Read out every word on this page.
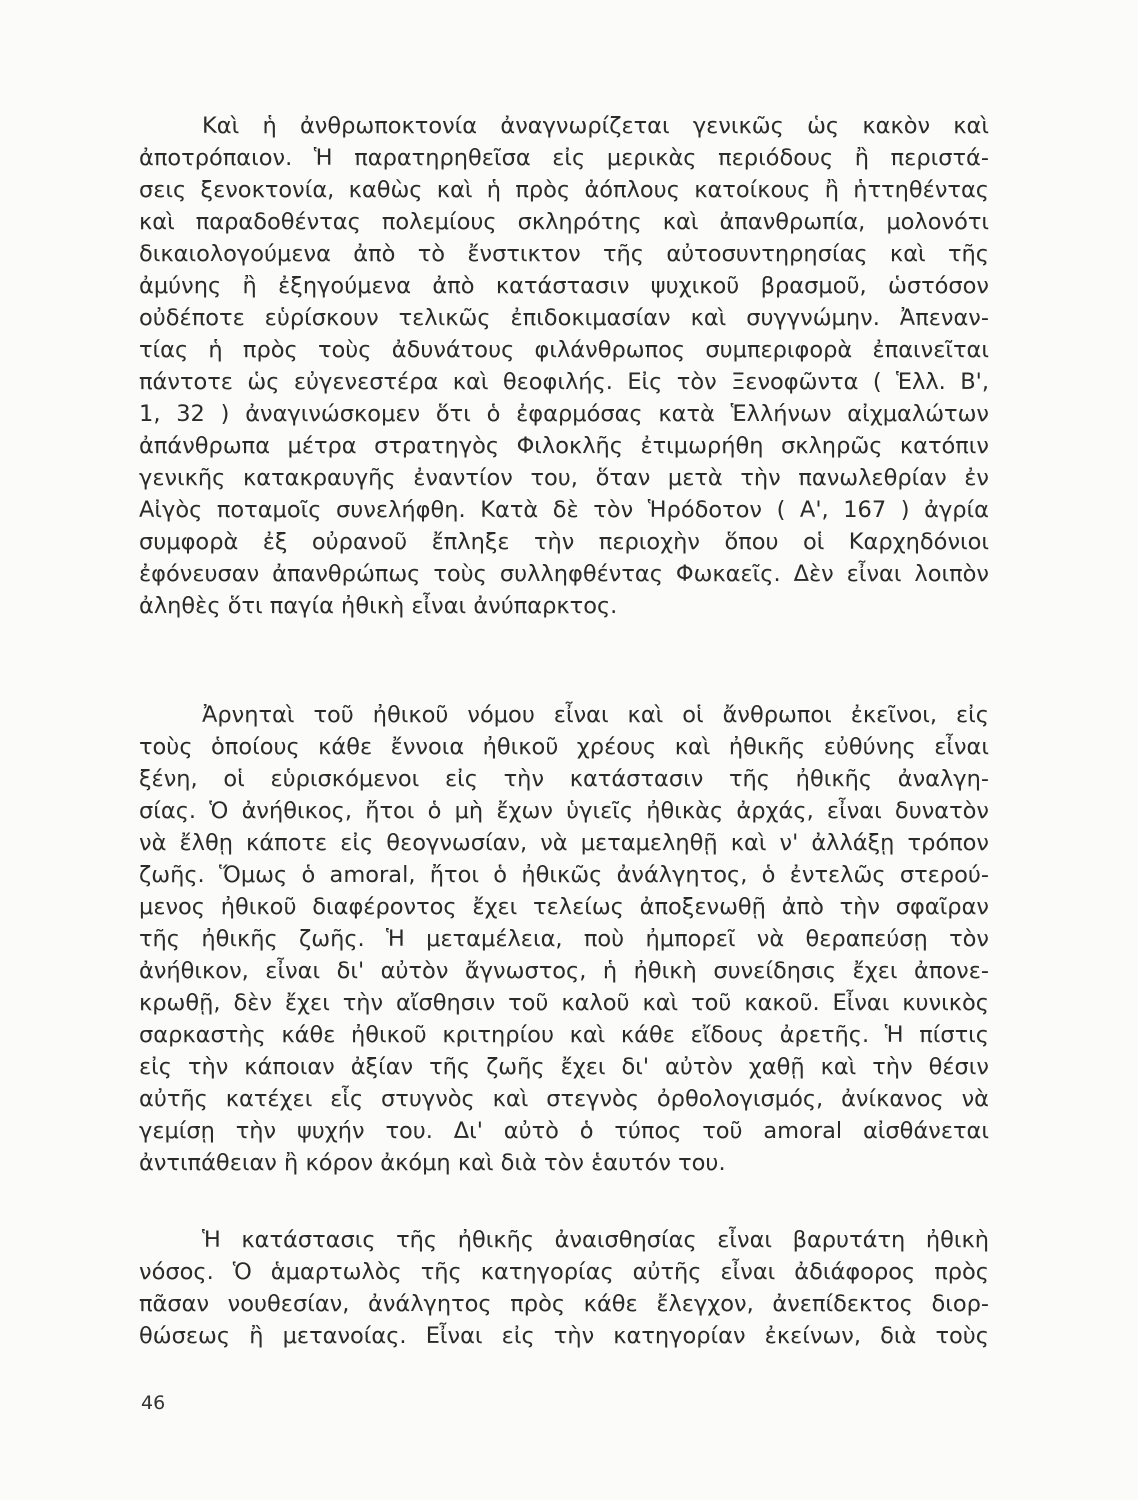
Καὶ ἡ ἀνθρωποκτονία ἀναγνωρίζεται γενικῶς ὡς κακὸν καὶ
ἀποτρόπαιον. Ἡ παρατηρηθεῖσα εἰς μερικὰς περιόδους ἢ περιστά-
σεις ξενοκτονία, καθὼς καὶ ἡ πρὸς ἀόπλους κατοίκους ἢ ἡττηθέντας
καὶ παραδοθέντας πολεμίους σκληρότης καὶ ἀπανθρωπία, μολονότι
δικαιολογούμενα ἀπὸ τὸ ἔνστικτον τῆς αὐτοσυντηρησίας καὶ τῆς
ἀμύνης ἢ ἐξηγούμενα ἀπὸ κατάστασιν ψυχικοῦ βρασμοῦ, ὡστόσον
οὐδέποτε εὑρίσκουν τελικῶς ἐπιδοκιμασίαν καὶ συγγνώμην. Ἀπεναν-
τίας ἡ πρὸς τοὺς ἀδυνάτους φιλάνθρωπος συμπεριφορὰ ἐπαινεῖται
πάντοτε ὡς εὐγενεστέρα καὶ θεοφιλής. Εἰς τὸν Ξενοφῶντα ( Ἑλλ. Β',
1, 32 ) ἀναγινώσκομεν ὅτι ὁ ἐφαρμόσας κατὰ Ἑλλήνων αἰχμαλώτων
ἀπάνθρωπα μέτρα στρατηγὸς Φιλοκλῆς ἐτιμωρήθη σκληρῶς κατόπιν
γενικῆς κατακραυγῆς ἐναντίον του, ὅταν μετὰ τὴν πανωλεθρίαν ἐν
Αἰγὸς ποταμοῖς συνελήφθη. Κατὰ δὲ τὸν Ἡρόδοτον ( Α', 167 ) ἀγρία
συμφορὰ ἐξ οὐρανοῦ ἔπληξε τὴν περιοχὴν ὅπου οἱ Καρχηδόνιοι
ἐφόνευσαν ἀπανθρώπως τοὺς συλληφθέντας Φωκαεῖς. Δὲν εἶναι λοιπὸν
ἀληθὲς ὅτι παγία ἠθικὴ εἶναι ἀνύπαρκτος.
Ἀρνηταὶ τοῦ ἠθικοῦ νόμου εἶναι καὶ οἱ ἄνθρωποι ἐκεῖνοι, εἰς
τοὺς ὁποίους κάθε ἔννοια ἠθικοῦ χρέους καὶ ἠθικῆς εὐθύνης εἶναι
ξένη, οἱ εὑρισκόμενοι εἰς τὴν κατάστασιν τῆς ἠθικῆς ἀναλγη-
σίας. Ὁ ἀνήθικος, ἤτοι ὁ μὴ ἔχων ὑγιεῖς ἠθικὰς ἀρχάς, εἶναι δυνατὸν
νὰ ἔλθῃ κάποτε εἰς θεογνωσίαν, νὰ μεταμεληθῇ καὶ ν' ἀλλάξῃ τρόπον
ζωῆς. Ὅμως ὁ amoral, ἤτοι ὁ ἠθικῶς ἀνάλγητος, ὁ ἐντελῶς στερού-
μενος ἠθικοῦ διαφέροντος ἔχει τελείως ἀποξενωθῇ ἀπὸ τὴν σφαῖραν
τῆς ἠθικῆς ζωῆς. Ἡ μεταμέλεια, ποὺ ἠμπορεῖ νὰ θεραπεύσῃ τὸν
ἀνήθικον, εἶναι δι' αὐτὸν ἄγνωστος, ἡ ἠθικὴ συνείδησις ἔχει ἀπονε-
κρωθῇ, δὲν ἔχει τὴν αἴσθησιν τοῦ καλοῦ καὶ τοῦ κακοῦ. Εἶναι κυνικὸς
σαρκαστὴς κάθε ἠθικοῦ κριτηρίου καὶ κάθε εἴδους ἀρετῆς. Ἡ πίστις
εἰς τὴν κάποιαν ἀξίαν τῆς ζωῆς ἔχει δι' αὐτὸν χαθῇ καὶ τὴν θέσιν
αὐτῆς κατέχει εἷς στυγνὸς καὶ στεγνὸς ὀρθολογισμός, ἀνίκανος νὰ
γεμίσῃ τὴν ψυχήν του. Δι' αὐτὸ ὁ τύπος τοῦ amoral αἰσθάνεται
ἀντιπάθειαν ἢ κόρον ἀκόμη καὶ διὰ τὸν ἑαυτόν του.
Ἡ κατάστασις τῆς ἠθικῆς ἀναισθησίας εἶναι βαρυτάτη ἠθικὴ
νόσος. Ὁ ἁμαρτωλὸς τῆς κατηγορίας αὐτῆς εἶναι ἀδιάφορος πρὸς
πᾶσαν νουθεσίαν, ἀνάλγητος πρὸς κάθε ἔλεγχον, ἀνεπίδεκτος διορ-
θώσεως ἢ μετανοίας. Εἶναι εἰς τὴν κατηγορίαν ἐκείνων, διὰ τοὺς
46
